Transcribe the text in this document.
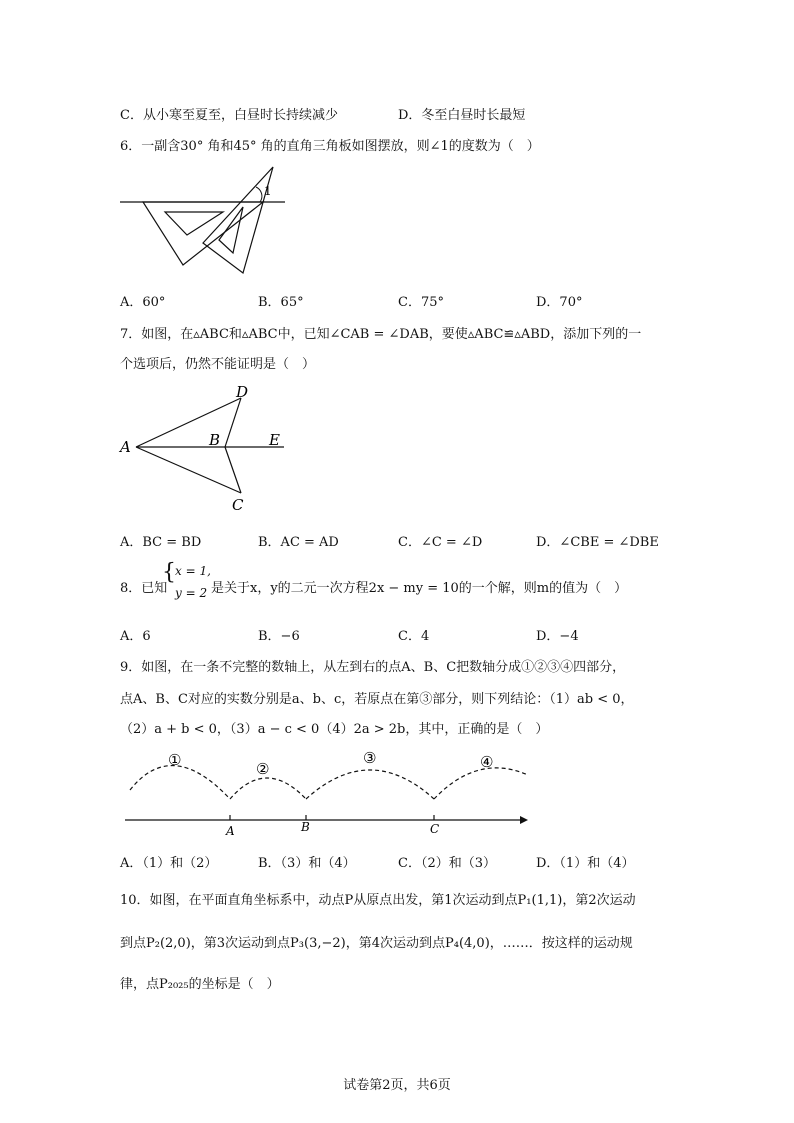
C．从小寒至夏至，白昼时长持续减少	D．冬至白昼时长最短
6．一副含30° 角和45° 角的直角三角板如图摆放，则∠1的度数为（　）
1
A．60°	B．65°	C．75°	D．70°
7．如图，在▵ABC和▵ABC中，已知∠CAB = ∠DAB，要使▵ABC≌▵ABD，添加下列的一
个选项后，仍然不能证明是（　）
A	B
C
D
E
A．BC = BD	B．AC = AD	C．∠C = ∠D	D．∠CBE = ∠DBE
8．已知
{ x = 1,
y = 2 是关于x，y的二元一次方程2x − my = 10的一个解，则m的值为（　）
A．6	B．−6	C．4	D．−4
9．如图，在一条不完整的数轴上，从左到右的点A、B、C把数轴分成①②③④四部分，
点A、B、C对应的实数分别是a、b、c，若原点在第③部分，则下列结论：（1）ab < 0，
（2）a + b < 0，（3）a − c < 0（4）2a > 2b，其中，正确的是（　）
①	②
③	④
A	B	C
A．（1）和（2）	B．（3）和（4）	C．（2）和（3）	D．（1）和（4）
10．如图，在平面直角坐标系中，动点P从原点出发，第1次运动到点P₁(1,1)，第2次运动
到点P₂(2,0)，第3次运动到点P₃(3,−2)，第4次运动到点P₄(4,0)，……．按这样的运动规
律，点P₂₀₂₅的坐标是（　）
试卷第2页，共6页
